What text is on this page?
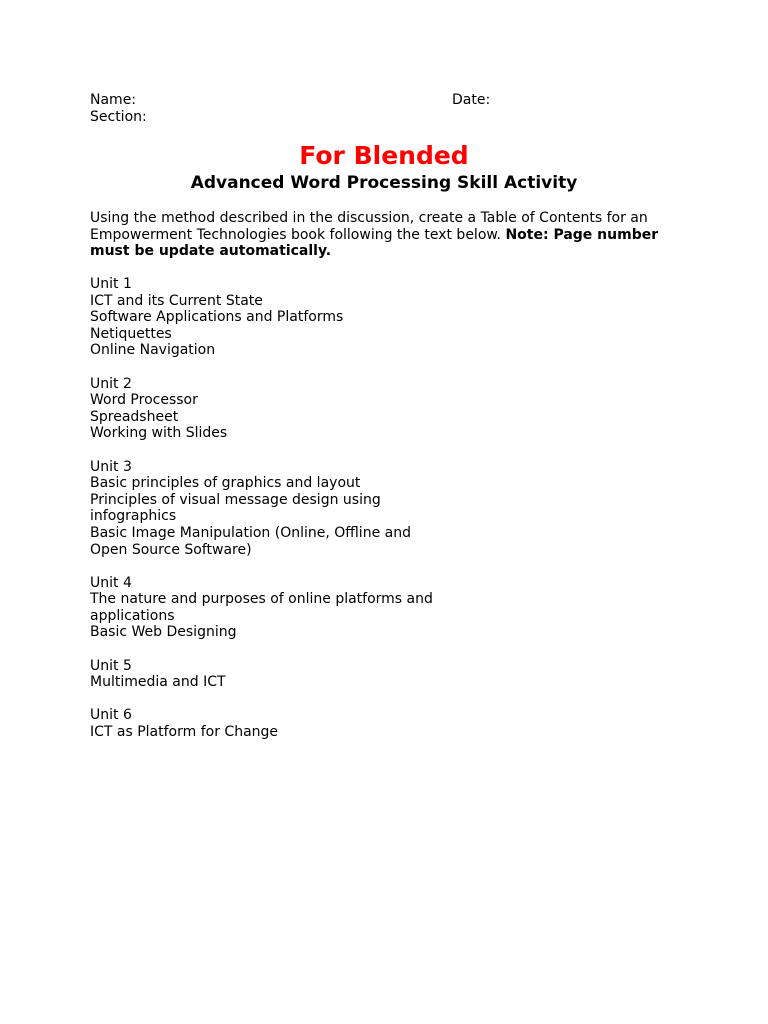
Name:	Date:
Section:
For Blended
Advanced Word Processing Skill Activity
Using the method described in the discussion, create a Table of Contents for an Empowerment Technologies book following the text below. Note: Page number must be update automatically.
Unit 1
ICT and its Current State
Software Applications and Platforms
Netiquettes
Online Navigation
Unit 2
Word Processor
Spreadsheet
Working with Slides
Unit 3
Basic principles of graphics and layout
Principles of visual message design using infographics
Basic Image Manipulation (Online, Offline and Open Source Software)
Unit 4
The nature and purposes of online platforms and applications
Basic Web Designing
Unit 5
Multimedia and ICT
Unit 6
ICT as Platform for Change
